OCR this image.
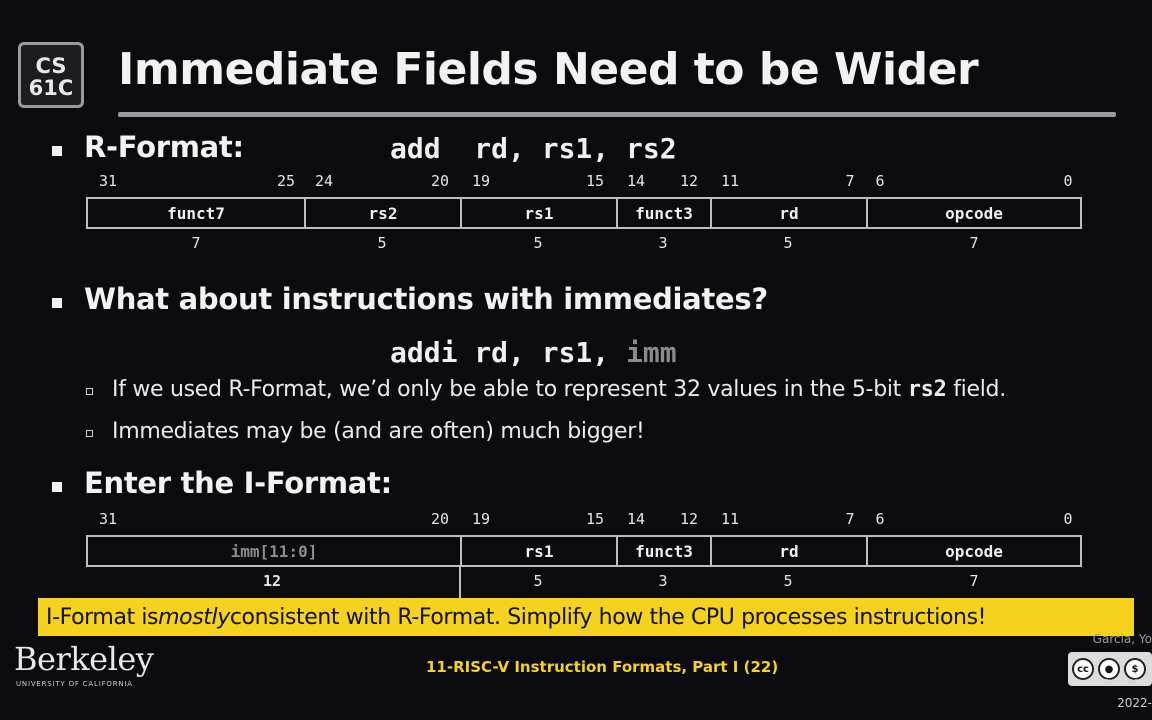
CS
61C Immediate Fields Need to be Wider
R-Format:	add  rd, rs1, rs2
31	25 24	20 19	15 14 12 11	7 6	0
funct7	rs2	rs1	funct3	rd	opcode
7	5	5	3	5	7
What about instructions with immediates?
addi rd, rs1, imm
If we used R-Format, we’d only be able to represent 32 values in the 5-bit rs2 field.
Immediates may be (and are often) much bigger!
Enter the I-Format:
31	20 19	15 14 12 11	7 6	0
imm[11:0]	rs1	funct3	rd	opcode
12	5	3	5	7
I-Format is mostly consistent with R-Format. Simplify how the CPU processes instructions!
Berkeley
UNIVERSITY OF CALIFORNIA
11-RISC-V Instruction Formats, Part I (22)
Garcia, Yo
cc	●	$
BY NC
2022-
